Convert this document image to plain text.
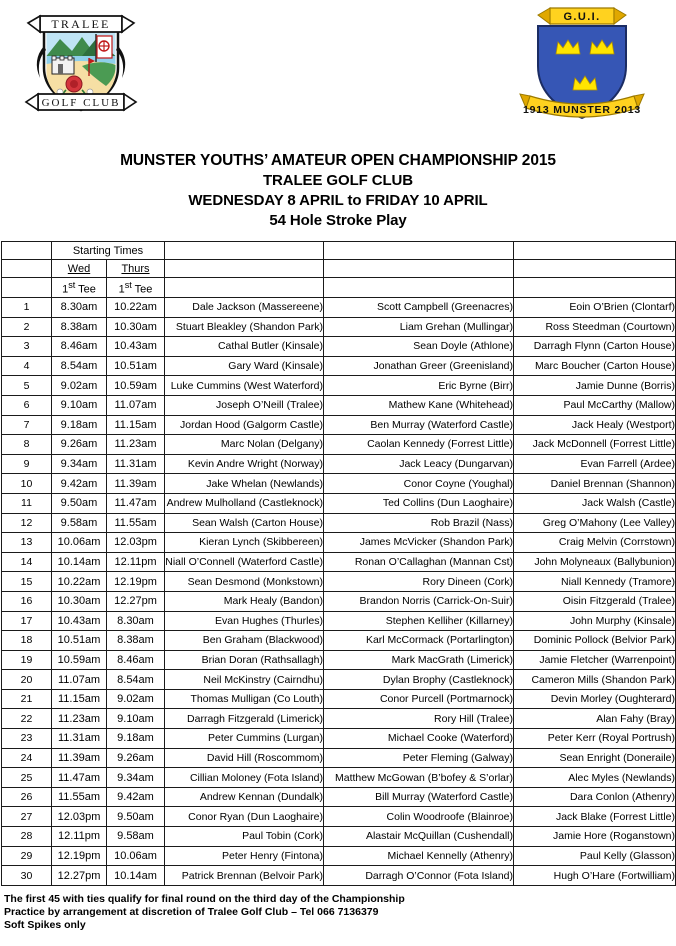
TRALEE
GOLF CLUB
G.U.I.
1913 MUNSTER 2013
MUNSTER YOUTHS’ AMATEUR OPEN CHAMPIONSHIP 2015
TRALEE GOLF CLUB
WEDNESDAY 8 APRIL to FRIDAY 10 APRIL
54 Hole Stroke Play
	Starting Times				
	Wed	Thurs			
	1st Tee	1st Tee			
1	8.30am	10.22am	Dale Jackson (Massereene)	Scott Campbell (Greenacres)	Eoin O’Brien (Clontarf)
2	8.38am	10.30am	Stuart Bleakley (Shandon Park)	Liam Grehan (Mullingar)	Ross Steedman (Courtown)
3	8.46am	10.43am	Cathal Butler (Kinsale)	Sean Doyle (Athlone)	Darragh Flynn (Carton House)
4	8.54am	10.51am	Gary Ward (Kinsale)	Jonathan Greer (Greenisland)	Marc Boucher (Carton House)
5	9.02am	10.59am	Luke Cummins (West Waterford)	Eric Byrne (Birr)	Jamie Dunne (Borris)
6	9.10am	11.07am	Joseph O’Neill (Tralee)	Mathew Kane (Whitehead)	Paul McCarthy (Mallow)
7	9.18am	11.15am	Jordan Hood (Galgorm Castle)	Ben Murray (Waterford Castle)	Jack Healy (Westport)
8	9.26am	11.23am	Marc Nolan (Delgany)	Caolan Kennedy (Forrest Little)	Jack McDonnell (Forrest Little)
9	9.34am	11.31am	Kevin Andre Wright (Norway)	Jack Leacy (Dungarvan)	Evan Farrell (Ardee)
10	9.42am	11.39am	Jake Whelan (Newlands)	Conor Coyne (Youghal)	Daniel Brennan (Shannon)
11	9.50am	11.47am	Andrew Mulholland (Castleknock)	Ted Collins (Dun Laoghaire)	Jack Walsh (Castle)
12	9.58am	11.55am	Sean Walsh (Carton House)	Rob Brazil (Nass)	Greg O’Mahony (Lee Valley)
13	10.06am	12.03pm	Kieran Lynch (Skibbereen)	James McVicker (Shandon Park)	Craig Melvin (Corrstown)
14	10.14am	12.11pm	Niall O’Connell (Waterford Castle)	Ronan O’Callaghan (Mannan Cst)	John Molyneaux (Ballybunion)
15	10.22am	12.19pm	Sean Desmond (Monkstown)	Rory Dineen (Cork)	Niall Kennedy (Tramore)
16	10.30am	12.27pm	Mark Healy (Bandon)	Brandon Norris (Carrick-On-Suir)	Oisin Fitzgerald (Tralee)
17	10.43am	8.30am	Evan Hughes (Thurles)	Stephen Kelliher (Killarney)	John Murphy (Kinsale)
18	10.51am	8.38am	Ben Graham (Blackwood)	Karl McCormack (Portarlington)	Dominic Pollock (Belvior Park)
19	10.59am	8.46am	Brian Doran (Rathsallagh)	Mark MacGrath (Limerick)	Jamie Fletcher (Warrenpoint)
20	11.07am	8.54am	Neil McKinstry (Cairndhu)	Dylan Brophy (Castleknock)	Cameron Mills (Shandon Park)
21	11.15am	9.02am	Thomas Mulligan (Co Louth)	Conor Purcell (Portmarnock)	Devin Morley (Oughterard)
22	11.23am	9.10am	Darragh Fitzgerald (Limerick)	Rory Hill (Tralee)	Alan Fahy (Bray)
23	11.31am	9.18am	Peter Cummins (Lurgan)	Michael Cooke (Waterford)	Peter Kerr (Royal Portrush)
24	11.39am	9.26am	David Hill (Roscommom)	Peter Fleming (Galway)	Sean Enright (Doneraile)
25	11.47am	9.34am	Cillian Moloney (Fota Island)	Matthew McGowan (B’bofey & S’orlar)	Alec Myles (Newlands)
26	11.55am	9.42am	Andrew Kennan (Dundalk)	Bill Murray (Waterford Castle)	Dara Conlon (Athenry)
27	12.03pm	9.50am	Conor Ryan (Dun Laoghaire)	Colin Woodroofe (Blainroe)	Jack Blake (Forrest Little)
28	12.11pm	9.58am	Paul Tobin (Cork)	Alastair McQuillan (Cushendall)	Jamie Hore (Roganstown)
29	12.19pm	10.06am	Peter Henry (Fintona)	Michael Kennelly (Athenry)	Paul Kelly (Glasson)
30	12.27pm	10.14am	Patrick Brennan (Belvoir Park)	Darragh O’Connor (Fota Island)	Hugh O’Hare (Fortwilliam)
The first 45 with ties qualify for final round on the third day of the Championship
Practice by arrangement at discretion of Tralee Golf Club – Tel 066 7136379
Soft Spikes only
